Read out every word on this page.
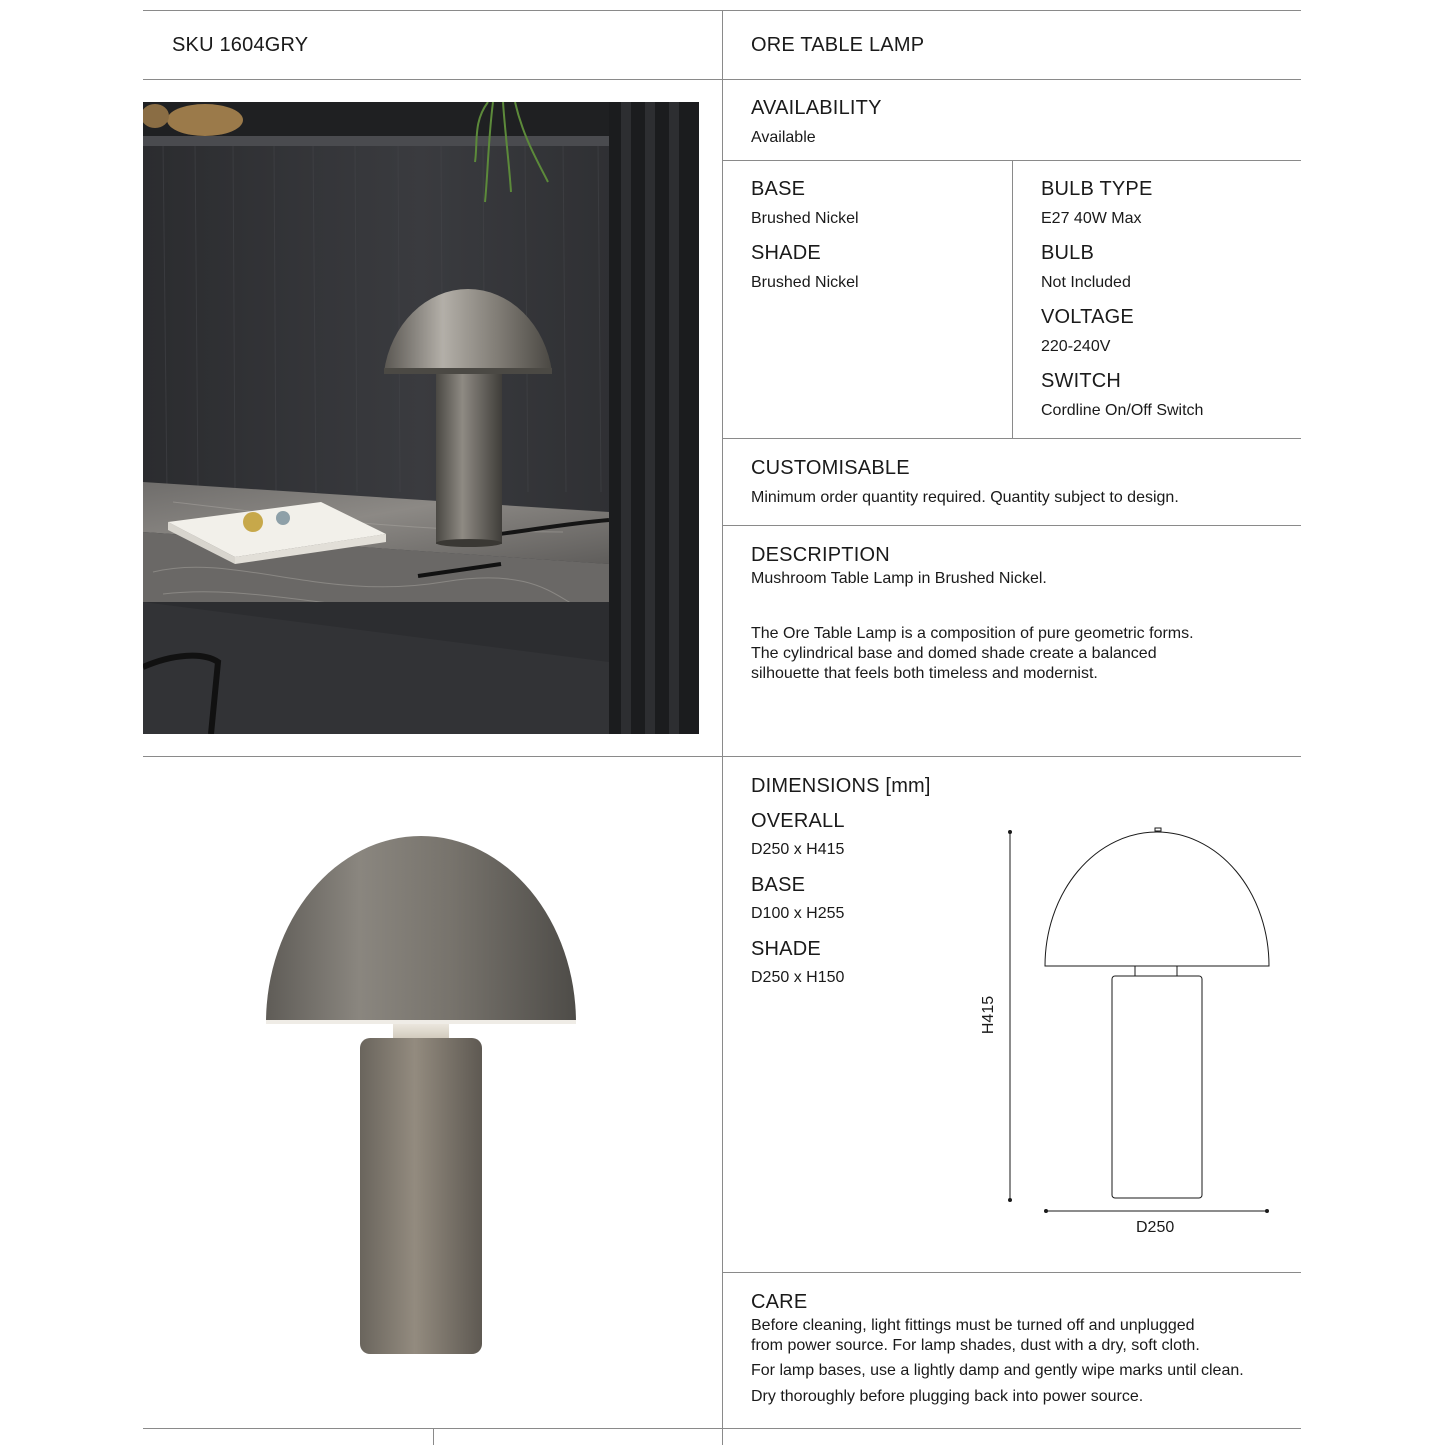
SKU 1604GRY	ORE TABLE LAMP
AVAILABILITY
Available
BASE
Brushed Nickel
SHADE
Brushed Nickel
BULB TYPE
E27 40W Max
BULB
Not Included
VOLTAGE
220-240V
SWITCH
Cordline On/Off Switch
CUSTOMISABLE
Minimum order quantity required. Quantity subject to design.
DESCRIPTION
Mushroom Table Lamp in Brushed Nickel.
The Ore Table Lamp is a composition of pure geometric forms.
The cylindrical base and domed shade create a balanced
silhouette that feels both timeless and modernist.
DIMENSIONS [mm]
OVERALL
D250 x H415
BASE
D100 x H255
SHADE
D250 x H150
H415
D250
CARE
Before cleaning, light fittings must be turned off and unplugged
from power source. For lamp shades, dust with a dry, soft cloth.
For lamp bases, use a lightly damp and gently wipe marks until clean.
Dry thoroughly before plugging back into power source.
